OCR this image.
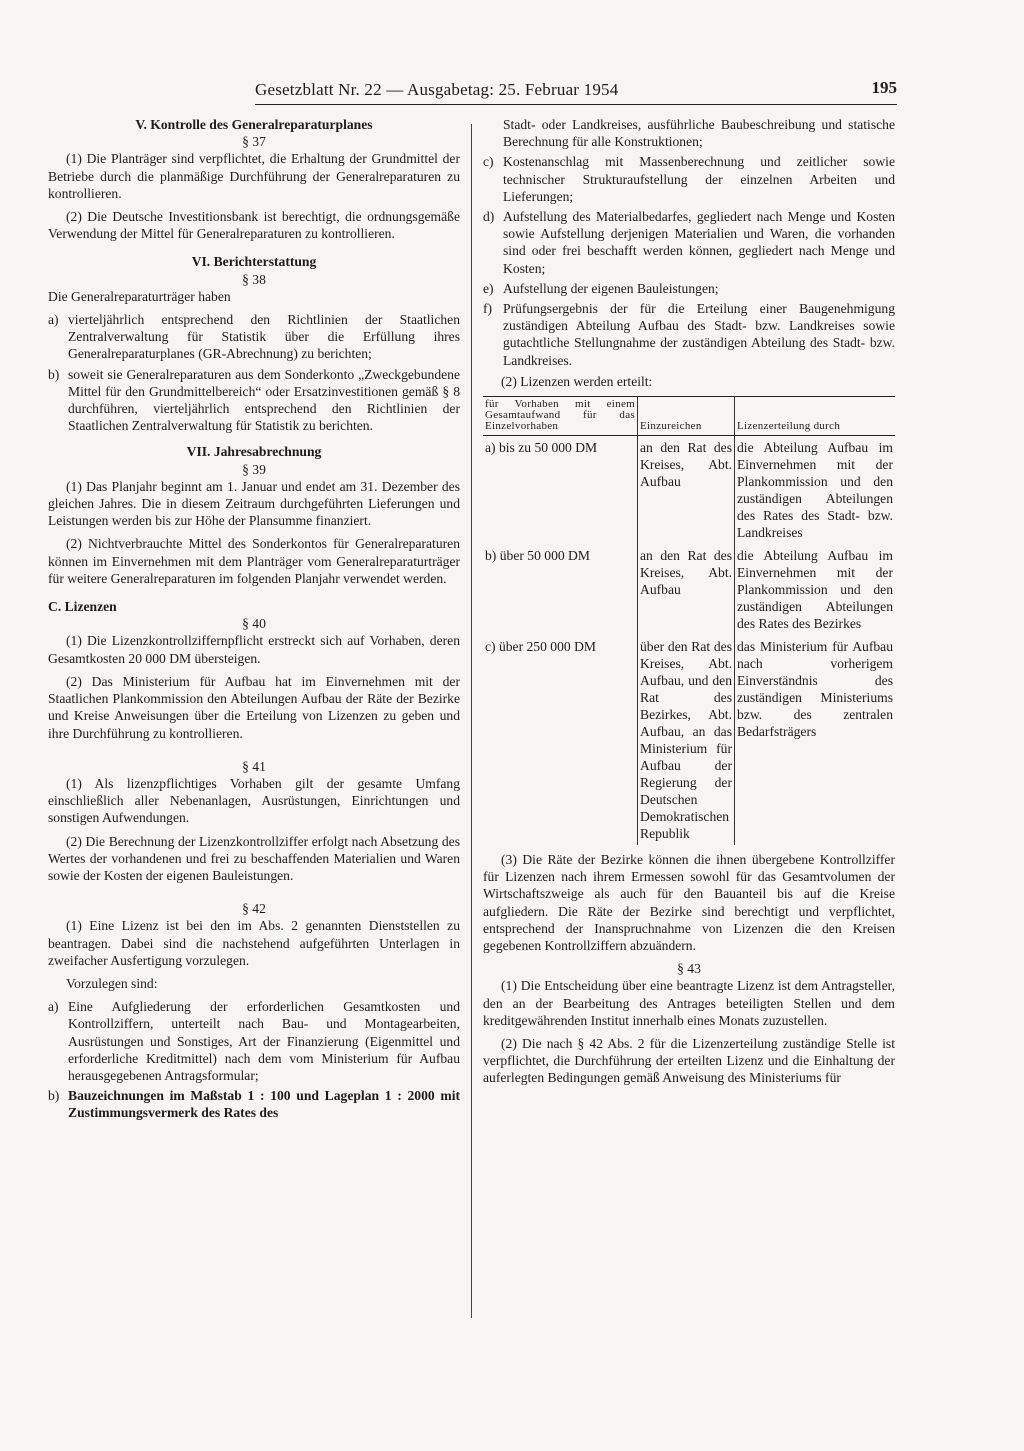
Gesetzblatt Nr. 22 — Ausgabetag: 25. Februar 1954	195
V. Kontrolle des Generalreparaturplanes
§ 37

(1) Die Planträger sind verpflichtet, die Erhaltung der Grundmittel der Betriebe durch die planmäßige Durchführung der Generalreparaturen zu kontrollieren.

(2) Die Deutsche Investitionsbank ist berechtigt, die ordnungsgemäße Verwendung der Mittel für Generalreparaturen zu kontrollieren.

VI. Berichterstattung
§ 38

Die Generalreparaturträger haben

a) vierteljährlich entsprechend den Richtlinien der Staatlichen Zentralverwaltung für Statistik über die Erfüllung ihres Generalreparaturplanes (GR-Abrechnung) zu berichten;
b) soweit sie Generalreparaturen aus dem Sonderkonto „Zweckgebundene Mittel für den Grundmittelbereich“ oder Ersatzinvestitionen gemäß § 8 durchführen, vierteljährlich entsprechend den Richtlinien der Staatlichen Zentralverwaltung für Statistik zu berichten.
VII. Jahresabrechnung
§ 39

(1) Das Planjahr beginnt am 1. Januar und endet am 31. Dezember des gleichen Jahres. Die in diesem Zeitraum durchgeführten Lieferungen und Leistungen werden bis zur Höhe der Plansumme finanziert.

(2) Nichtverbrauchte Mittel des Sonderkontos für Generalreparaturen können im Einvernehmen mit dem Planträger vom Generalreparaturträger für weitere Generalreparaturen im folgenden Planjahr verwendet werden.

C. Lizenzen
§ 40

(1) Die Lizenzkontrollziffernpflicht erstreckt sich auf Vorhaben, deren Gesamtkosten 20 000 DM übersteigen.

(2) Das Ministerium für Aufbau hat im Einvernehmen mit der Staatlichen Plankommission den Abteilungen Aufbau der Räte der Bezirke und Kreise Anweisungen über die Erteilung von Lizenzen zu geben und ihre Durchführung zu kontrollieren.

§ 41

(1) Als lizenzpflichtiges Vorhaben gilt der gesamte Umfang einschließlich aller Nebenanlagen, Ausrüstungen, Einrichtungen und sonstigen Aufwendungen.

(2) Die Berechnung der Lizenzkontrollziffer erfolgt nach Absetzung des Wertes der vorhandenen und frei zu beschaffenden Materialien und Waren sowie der Kosten der eigenen Bauleistungen.

§ 42

(1) Eine Lizenz ist bei den im Abs. 2 genannten Dienststellen zu beantragen. Dabei sind die nachstehend aufgeführten Unterlagen in zweifacher Ausfertigung vorzulegen.

Vorzulegen sind:

a) Eine Aufgliederung der erforderlichen Gesamtkosten und Kontrollziffern, unterteilt nach Bau- und Montagearbeiten, Ausrüstungen und Sonstiges, Art der Finanzierung (Eigenmittel und erforderliche Kreditmittel) nach dem vom Ministerium für Aufbau herausgegebenen Antragsformular;
b) Bauzeichnungen im Maßstab 1 : 100 und Lageplan 1 : 2000 mit Zustimmungsvermerk des Rates des
Stadt- oder Landkreises, ausführliche Baubeschreibung und statische Berechnung für alle Konstruktionen;
c) Kostenanschlag mit Massenberechnung und zeitlicher sowie technischer Strukturaufstellung der einzelnen Arbeiten und Lieferungen;
d) Aufstellung des Materialbedarfes, gegliedert nach Menge und Kosten sowie Aufstellung derjenigen Materialien und Waren, die vorhanden sind oder frei beschafft werden können, gegliedert nach Menge und Kosten;
e) Aufstellung der eigenen Bauleistungen;
f) Prüfungsergebnis der für die Erteilung einer Baugenehmigung zuständigen Abteilung Aufbau des Stadt- bzw. Landkreises sowie gutachtliche Stellungnahme der zuständigen Abteilung des Stadt- bzw. Landkreises.

(2) Lizenzen werden erteilt:

für Vorhaben mit einem Gesamtaufwand für das Einzelvorhaben	Einzureichen	Lizenzerteilung durch
a) bis zu 50 000 DM	an den Rat des Kreises, Abt. Aufbau	die Abteilung Aufbau im Einvernehmen mit der Plankommission und den zuständigen Abteilungen des Rates des Stadt- bzw. Landkreises
b) über 50 000 DM	an den Rat des Kreises, Abt. Aufbau	die Abteilung Aufbau im Einvernehmen mit der Plankommission und den zuständigen Abteilungen des Rates des Bezirkes
c) über 250 000 DM	über den Rat des Kreises, Abt. Aufbau, und den Rat des Bezirkes, Abt. Aufbau, an das Ministerium für Aufbau der Regierung der Deutschen Demokratischen Republik	das Ministerium für Aufbau nach vorherigem Einverständnis des zuständigen Ministeriums bzw. des zentralen Bedarfsträgers

(3) Die Räte der Bezirke können die ihnen übergebene Kontrollziffer für Lizenzen nach ihrem Ermessen sowohl für das Gesamtvolumen der Wirtschaftszweige als auch für den Bauanteil bis auf die Kreise aufgliedern. Die Räte der Bezirke sind berechtigt und verpflichtet, entsprechend der Inanspruchnahme von Lizenzen die den Kreisen gegebenen Kontrollziffern abzuändern.

§ 43

(1) Die Entscheidung über eine beantragte Lizenz ist dem Antragsteller, den an der Bearbeitung des Antrages beteiligten Stellen und dem kreditgewährenden Institut innerhalb eines Monats zuzustellen.

(2) Die nach § 42 Abs. 2 für die Lizenzerteilung zuständige Stelle ist verpflichtet, die Durchführung der erteilten Lizenz und die Einhaltung der auferlegten Bedingungen gemäß Anweisung des Ministeriums für
